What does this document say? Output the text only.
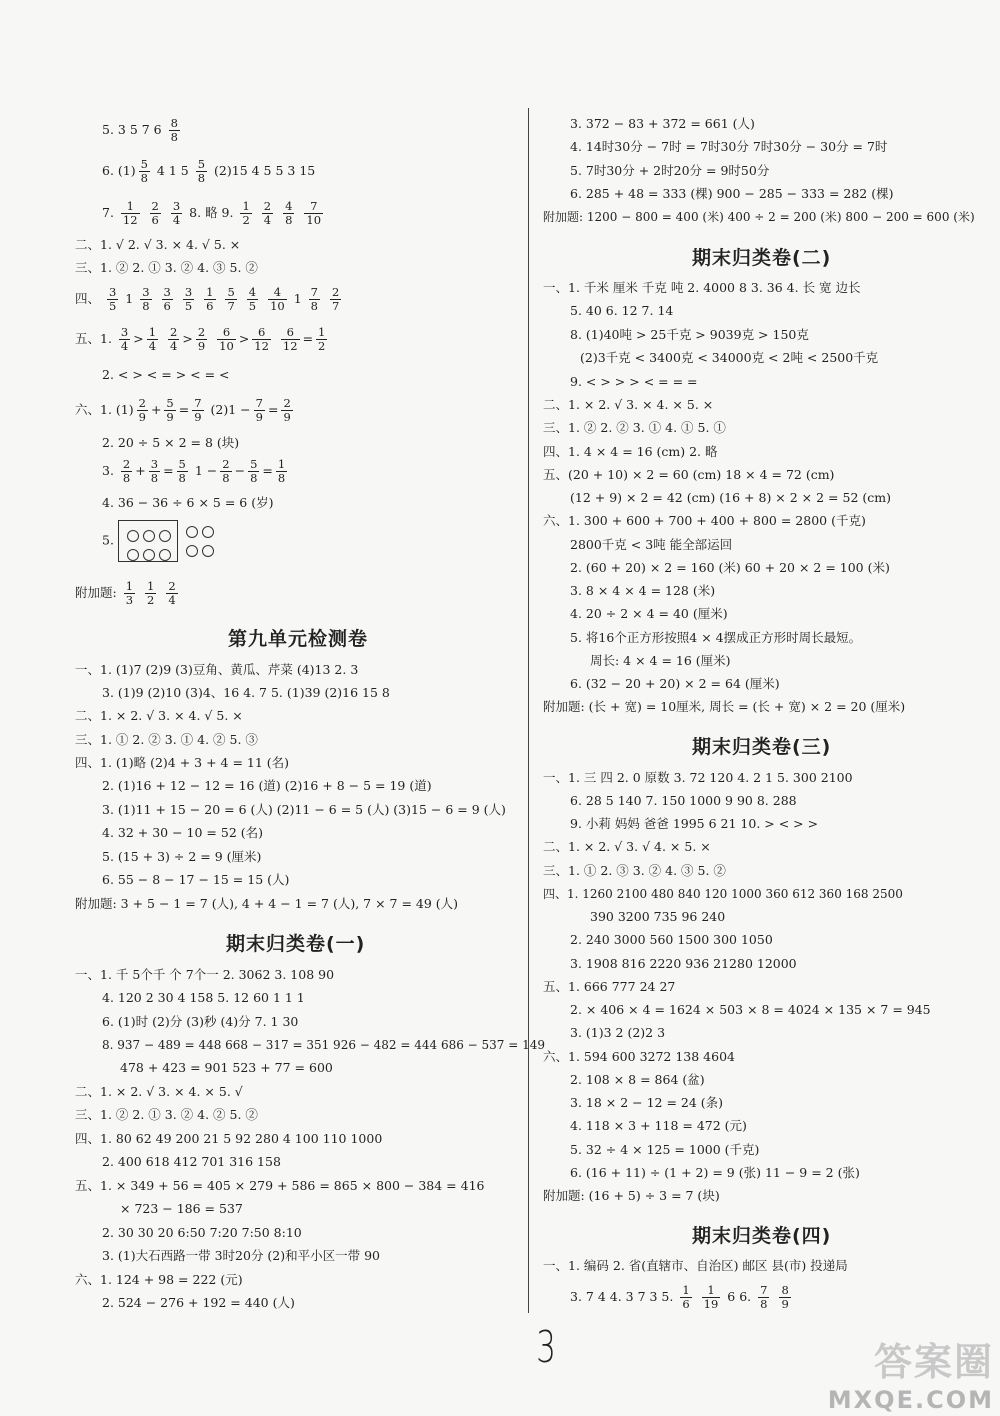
5. 3 5 7 $6 \frac{8}{8}$
6. $(1) \frac{5}{8} 4$ 1 $5 \frac{5}{8} (2)15$ 4 5 5 3 15
7. $\frac{1}{12}$
$\frac{2}{6}$
$\frac{3}{4} 8$. 略 9. $\frac{1}{2}$
$\frac{2}{4}$
$\frac{4}{8}$
$\frac{7}{10}$
二、1. √ 2. √ 3. × 4. √ 5. ×
三、1. ② 2. ① 3. ② 4. ③ 5. ②
四、 $\frac{3}{5} 1 \frac{3}{8}$
$\frac{3}{6}$
$\frac{3}{5}$
$\frac{1}{6}$
$\frac{5}{7}$
$\frac{4}{5}$
$\frac{4}{10} 1 \frac{7}{8}$
$\frac{2}{7}$
五、1. $\frac{3}{4} > \frac{1}{4}$
$\frac{2}{4} > \frac{2}{9}$
$\frac{6}{10} > \frac{6}{12}$
$\frac{6}{12} = \frac{1}{2}$
2. < > < = > < = <
六、1. $(1) \frac{2}{9} + \frac{5}{9} = \frac{7}{9} (2)1 - \frac{7}{9} = \frac{2}{9}$
2. 20 ÷ 5 × 2 = 8 (块)
3. $\frac{2}{8} + \frac{3}{8} = \frac{5}{8} 1 - \frac{2}{8} - \frac{5}{8} = \frac{1}{8}$
4. 36 − 36 ÷ 6 × 5 = 6 (岁)
5.

附加题: $\frac{1}{3}$
$\frac{1}{2}$
$\frac{2}{4}$
第九单元检测卷
一、1. (1)7 (2)9 (3)豆角、黄瓜、芹菜 (4)13 2. 3
3. (1)9 (2)10 (3)4、16 4. 7 5. (1)39 (2)16 15 8
二、1. × 2. √ 3. × 4. √ 5. ×
三、1. ① 2. ② 3. ① 4. ② 5. ③
四、1. (1)略 (2)4 + 3 + 4 = 11 (名)
2. (1)16 + 12 − 12 = 16 (道) (2)16 + 8 − 5 = 19 (道)
3. (1)11 + 15 − 20 = 6 (人) (2)11 − 6 = 5 (人) (3)15 − 6 = 9 (人)
4. 32 + 30 − 10 = 52 (名)
5. (15 + 3) ÷ 2 = 9 (厘米)
6. 55 − 8 − 17 − 15 = 15 (人)
附加题: 3 + 5 − 1 = 7 (人), 4 + 4 − 1 = 7 (人), 7 × 7 = 49 (人)
期末归类卷(一)
一、1. 千 5个千 个 7个一 2. 3062 3. 108 90
4. 120 2 30 4 158 5. 12 60 1 1 1
6. (1)时 (2)分 (3)秒 (4)分 7. 1 30
8. 937 − 489 = 448 668 − 317 = 351 926 − 482 = 444 686 − 537 = 149
478 + 423 = 901 523 + 77 = 600
二、1. × 2. √ 3. × 4. × 5. √
三、1. ② 2. ① 3. ② 4. ② 5. ②
四、1. 80 62 49 200 21 5 92 280 4 100 110 1000
2. 400 618 412 701 316 158
五、1. × 349 + 56 = 405 × 279 + 586 = 865 × 800 − 384 = 416
× 723 − 186 = 537
2. 30 30 20 6:50 7:20 7:50 8:10
3. (1)大石西路一带 3时20分 (2)和平小区一带 90
六、1. 124 + 98 = 222 (元)
2. 524 − 276 + 192 = 440 (人)
3. 372 − 83 + 372 = 661 (人)
4. 14时30分 − 7时 = 7时30分 7时30分 − 30分 = 7时
5. 7时30分 + 2时20分 = 9时50分
6. 285 + 48 = 333 (棵) 900 − 285 − 333 = 282 (棵)
附加题: 1200 − 800 = 400 (米) 400 ÷ 2 = 200 (米) 800 − 200 = 600 (米)
期末归类卷(二)
一、1. 千米 厘米 千克 吨 2. 4000 8 3. 36 4. 长 宽 边长
5. 40 6. 12 7. 14
8. (1)40吨 > 25千克 > 9039克 > 150克
(2)3千克 < 3400克 < 34000克 < 2吨 < 2500千克
9. < > > > < = = =
二、1. × 2. √ 3. × 4. × 5. ×
三、1. ② 2. ② 3. ① 4. ① 5. ①
四、1. 4 × 4 = 16 (cm) 2. 略
五、(20 + 10) × 2 = 60 (cm) 18 × 4 = 72 (cm)
(12 + 9) × 2 = 42 (cm) (16 + 8) × 2 × 2 = 52 (cm)
六、1. 300 + 600 + 700 + 400 + 800 = 2800 (千克)
2800千克 < 3吨 能全部运回
2. (60 + 20) × 2 = 160 (米) 60 + 20 × 2 = 100 (米)
3. 8 × 4 × 4 = 128 (米)
4. 20 ÷ 2 × 4 = 40 (厘米)
5. 将16个正方形按照4 × 4摆成正方形时周长最短。
周长: 4 × 4 = 16 (厘米)
6. (32 − 20 + 20) × 2 = 64 (厘米)
附加题: (长 + 宽) = 10厘米, 周长 = (长 + 宽) × 2 = 20 (厘米)
期末归类卷(三)
一、1. 三 四 2. 0 原数 3. 72 120 4. 2 1 5. 300 2100
6. 28 5 140 7. 150 1000 9 90 8. 288
9. 小莉 妈妈 爸爸 1995 6 21 10. > < > >
二、1. × 2. √ 3. √ 4. × 5. ×
三、1. ① 2. ③ 3. ② 4. ③ 5. ②
四、1. 1260 2100 480 840 120 1000 360 612 360 168 2500
390 3200 735 96 240
2. 240 3000 560 1500 300 1050
3. 1908 816 2220 936 21280 12000
五、1. 666 777 24 27
2. × 406 × 4 = 1624 × 503 × 8 = 4024 × 135 × 7 = 945
3. (1)3 2 (2)2 3
六、1. 594 600 3272 138 4604
2. 108 × 8 = 864 (盆)
3. 18 × 2 − 12 = 24 (条)
4. 118 × 3 + 118 = 472 (元)
5. 32 ÷ 4 × 125 = 1000 (千克)
6. (16 + 11) ÷ (1 + 2) = 9 (张) 11 − 9 = 2 (张)
附加题: (16 + 5) ÷ 3 = 7 (块)
期末归类卷(四)
一、1. 编码 2. 省(直辖市、自治区) 邮区 县(市) 投递局
3. 7 4 4. 3 7 3 5. $\frac{1}{6}$
$\frac{1}{19} 6$ 6. $\frac{7}{8}$
$\frac{8}{9}$
3	答案圈
MXQE.COM
